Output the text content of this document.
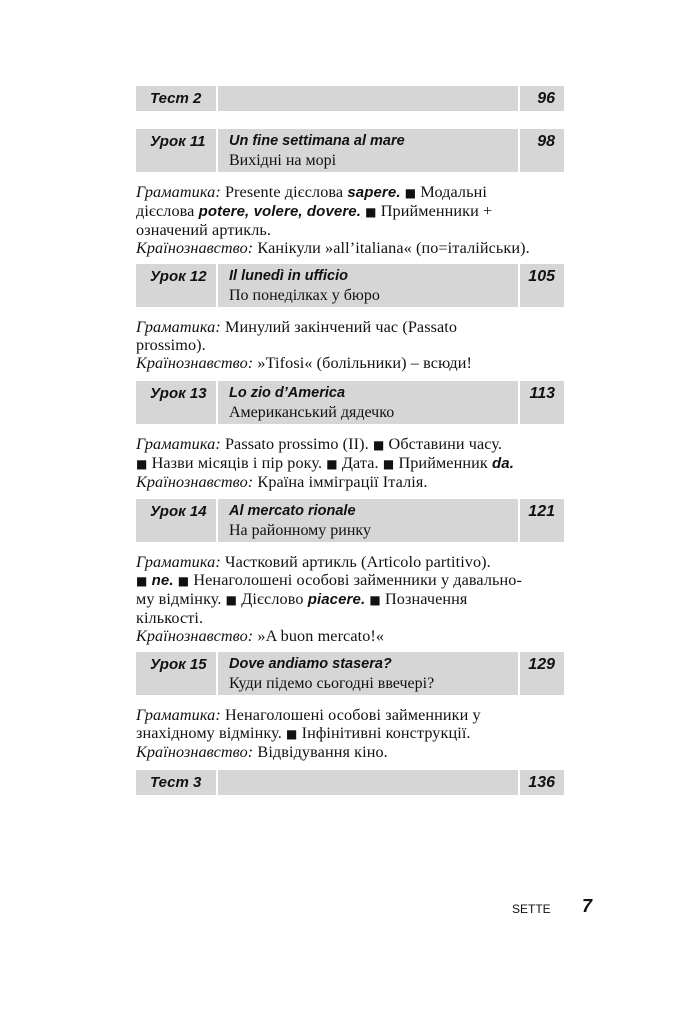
Тест 2	96
Урок 11 Un fine settimana al mare
Вихідні на морі
98
Граматика: Presente дієслова sapere. ■ Модальні
дієслова potere, volere, dovere. ■ Прийменники +
означений артикль.
Країнознавство: Канікули »all’italiana« (по=італійськи).
Урок 12 Il lunedì in ufficio
По понеділках у бюро
105
Граматика: Минулий закінчений час (Passato
prossimo).
Країнознавство: »Tifosi« (болільники) – всюди!
Урок 13 Lo zio d’America
Американський дядечко
113
Граматика: Passato prossimo (II). ■ Обставини часу.
■ Назви місяців і пір року. ■ Дата. ■ Прийменник da.
Країнознавство: Країна імміграції Італія.
Урок 14 Al mercato rionale
На районному ринку
121
Граматика: Частковий артикль (Articolo partitivo).
■ ne. ■ Ненаголошені особові займенники у давально-
му відмінку. ■ Дієслово piacere. ■ Позначення
кількості.
Країнознавство: »A buon mercato!«
Урок 15 Dove andiamo stasera?
Куди підемо сьогодні ввечері?
129
Граматика: Ненаголошені особові займенники у
знахідному відмінку. ■ Інфінітивні конструкції.
Країнознавство: Відвідування кіно.
Тест 3	136
SETTE 7
